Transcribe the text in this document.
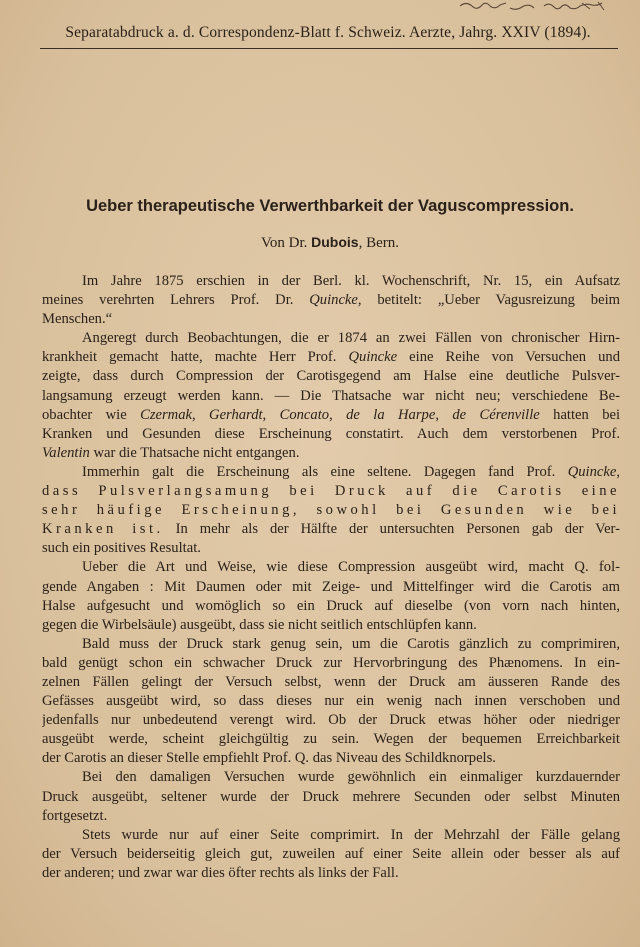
Separatabdruck a. d. Correspondenz-Blatt f. Schweiz. Aerzte, Jahrg. XXIV (1894).
Ueber therapeutische Verwerthbarkeit der Vaguscompression.
Von Dr. Dubois, Bern.
Im Jahre 1875 erschien in der Berl. kl. Wochenschrift, Nr. 15, ein Aufsatz
meines verehrten Lehrers Prof. Dr. Quincke, betitelt: „Ueber Vagusreizung beim
Menschen.“
Angeregt durch Beobachtungen, die er 1874 an zwei Fällen von chronischer Hirn-
krankheit gemacht hatte, machte Herr Prof. Quincke eine Reihe von Versuchen und
zeigte, dass durch Compression der Carotisgegend am Halse eine deutliche Pulsver-
langsamung erzeugt werden kann. — Die Thatsache war nicht neu; verschiedene Be-
obachter wie Czermak, Gerhardt, Concato, de la Harpe, de Cérenville hatten bei
Kranken und Gesunden diese Erscheinung constatirt. Auch dem verstorbenen Prof.
Valentin war die Thatsache nicht entgangen.
Immerhin galt die Erscheinung als eine seltene. Dagegen fand Prof. Quincke,
dass Pulsverlangsamung bei Druck auf die Carotis eine
sehr häufige Erscheinung, sowohl bei Gesunden wie bei
Kranken ist. In mehr als der Hälfte der untersuchten Personen gab der Ver-
such ein positives Resultat.
Ueber die Art und Weise, wie diese Compression ausgeübt wird, macht Q. fol-
gende Angaben : Mit Daumen oder mit Zeige- und Mittelfinger wird die Carotis am
Halse aufgesucht und womöglich so ein Druck auf dieselbe (von vorn nach hinten,
gegen die Wirbelsäule) ausgeübt, dass sie nicht seitlich entschlüpfen kann.
Bald muss der Druck stark genug sein, um die Carotis gänzlich zu comprimiren,
bald genügt schon ein schwacher Druck zur Hervorbringung des Phænomens. In ein-
zelnen Fällen gelingt der Versuch selbst, wenn der Druck am äusseren Rande des
Gefässes ausgeübt wird, so dass dieses nur ein wenig nach innen verschoben und
jedenfalls nur unbedeutend verengt wird. Ob der Druck etwas höher oder niedriger
ausgeübt werde, scheint gleichgültig zu sein. Wegen der bequemen Erreichbarkeit
der Carotis an dieser Stelle empfiehlt Prof. Q. das Niveau des Schildknorpels.
Bei den damaligen Versuchen wurde gewöhnlich ein einmaliger kurzdauernder
Druck ausgeübt, seltener wurde der Druck mehrere Secunden oder selbst Minuten
fortgesetzt.
Stets wurde nur auf einer Seite comprimirt. In der Mehrzahl der Fälle gelang
der Versuch beiderseitig gleich gut, zuweilen auf einer Seite allein oder besser als auf
der anderen; und zwar war dies öfter rechts als links der Fall.
